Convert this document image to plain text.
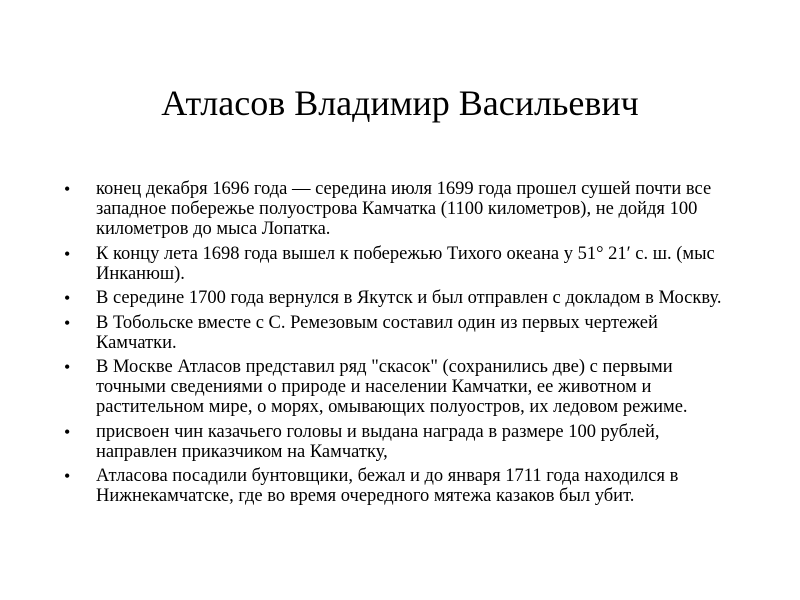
Атласов Владимир Васильевич
• конец декабря 1696 года — середина июля 1699 года прошел сушей почти все западное побережье полуострова Камчатка (1100 километров), не дойдя 100 километров до мыса Лопатка.
• К концу лета 1698 года вышел к побережью Тихого океана у 51° 21′ с. ш. (мыс Инканюш).
• В середине 1700 года вернулся в Якутск и был отправлен с докладом в Москву.
• В Тобольске вместе с С. Ремезовым составил один из первых чертежей Камчатки.
• В Москве Атласов представил ряд "скасок" (сохранились две) с первыми точными сведениями о природе и населении Камчатки, ее животном и растительном мире, о морях, омывающих полуостров, их ледовом режиме.
• присвоен чин казачьего головы и выдана награда в размере 100 рублей, направлен приказчиком на Камчатку,
• Атласова посадили бунтовщики, бежал и до января 1711 года находился в Нижнекамчатске, где во время очередного мятежа казаков был убит.
